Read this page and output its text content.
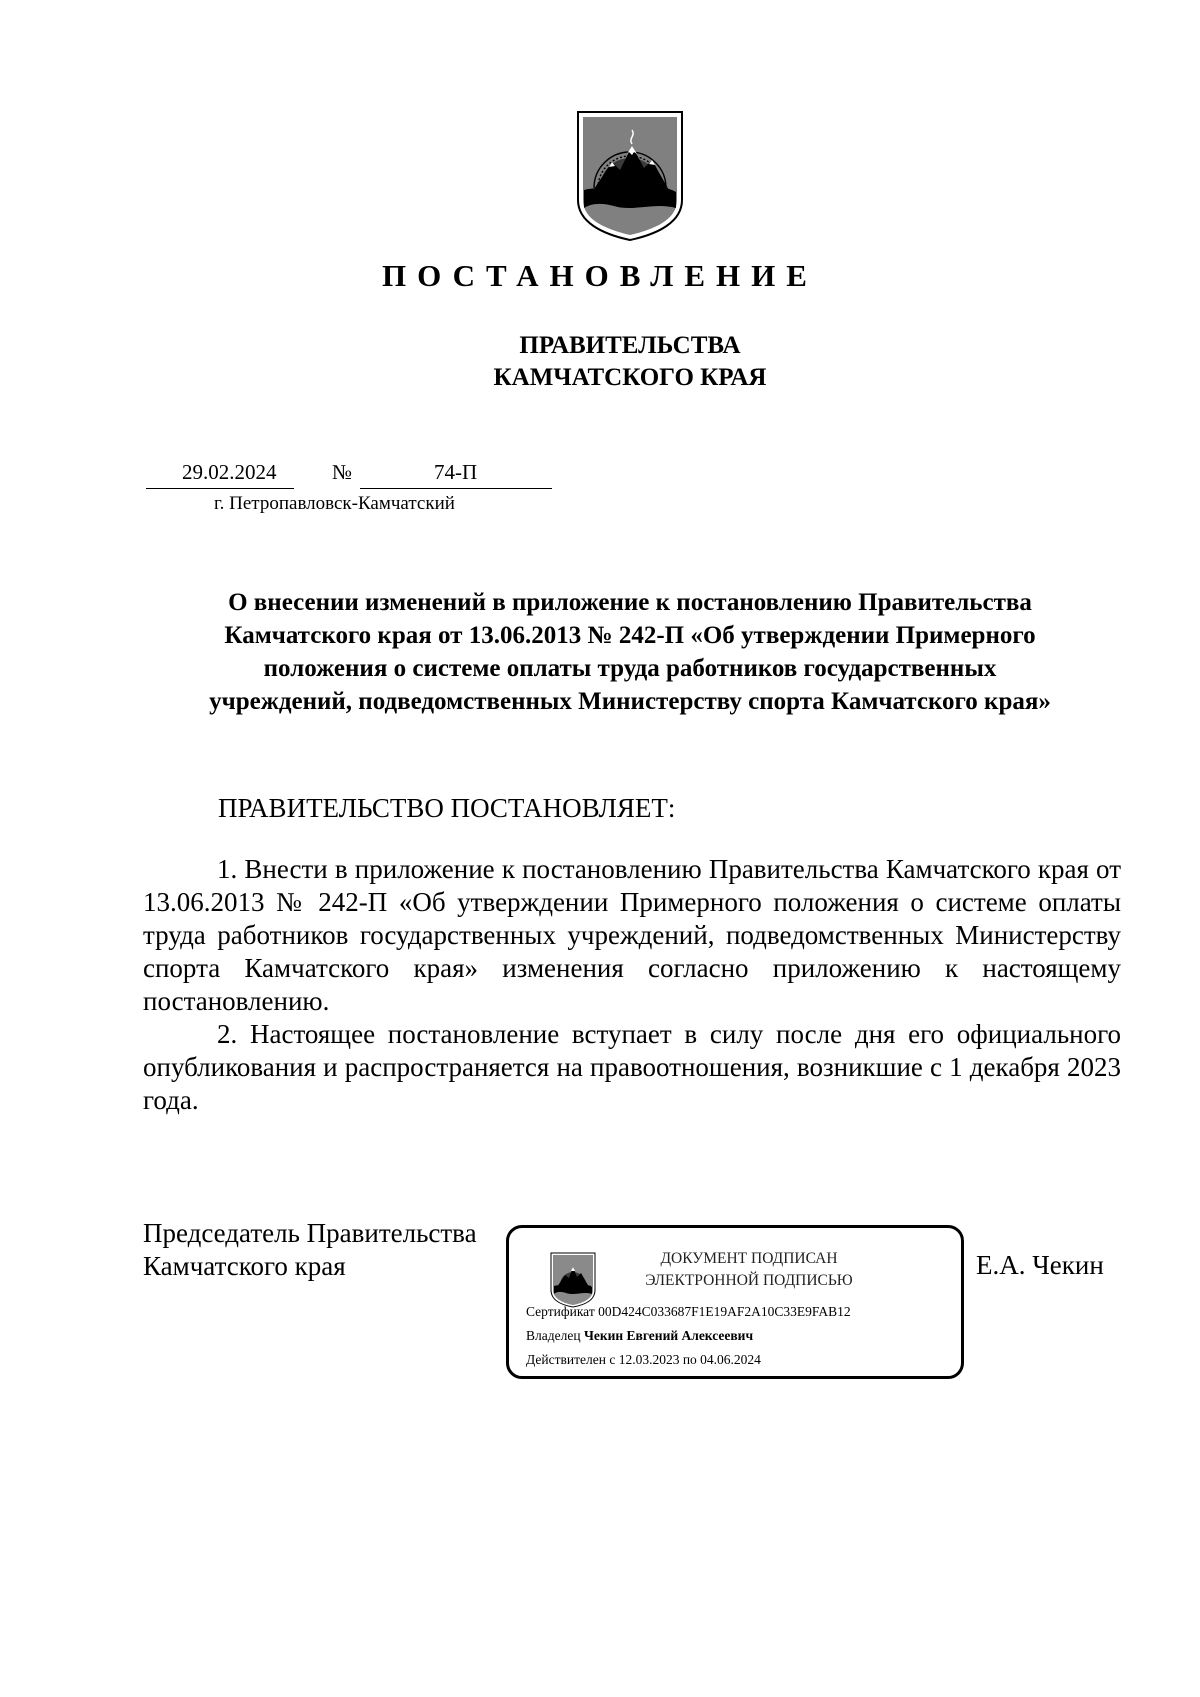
ПОСТАНОВЛЕНИЕ
ПРАВИТЕЛЬСТВА
КАМЧАТСКОГО КРАЯ
29.02.2024	№	74-П
г. Петропавловск-Камчатский
О внесении изменений в приложение к постановлению Правительства
Камчатского края от 13.06.2013 № 242-П «Об утверждении Примерного
положения о системе оплаты труда работников государственных
учреждений, подведомственных Министерству спорта Камчатского края»
ПРАВИТЕЛЬСТВО ПОСТАНОВЛЯЕТ:

1. Внести в приложение к постановлению Правительства Камчатского края от 13.06.2013 № 242-П «Об утверждении Примерного положения о системе оплаты труда работников государственных учреждений, подведомственных Министерству спорта Камчатского края» изменения согласно приложению к настоящему постановлению.

2. Настоящее постановление вступает в силу после дня его официального опубликования и распространяется на правоотношения, возникшие с 1 декабря 2023 года.

Председатель Правительства
Камчатского края	ДОКУМЕНТ ПОДПИСАН
ЭЛЕКТРОННОЙ ПОДПИСЬЮ
Сертификат 00D424C033687F1E19AF2A10C33E9FAB12
Владелец Чекин Евгений Алексеевич
Действителен с 12.03.2023 по 04.06.2024
Е.А. Чекин
